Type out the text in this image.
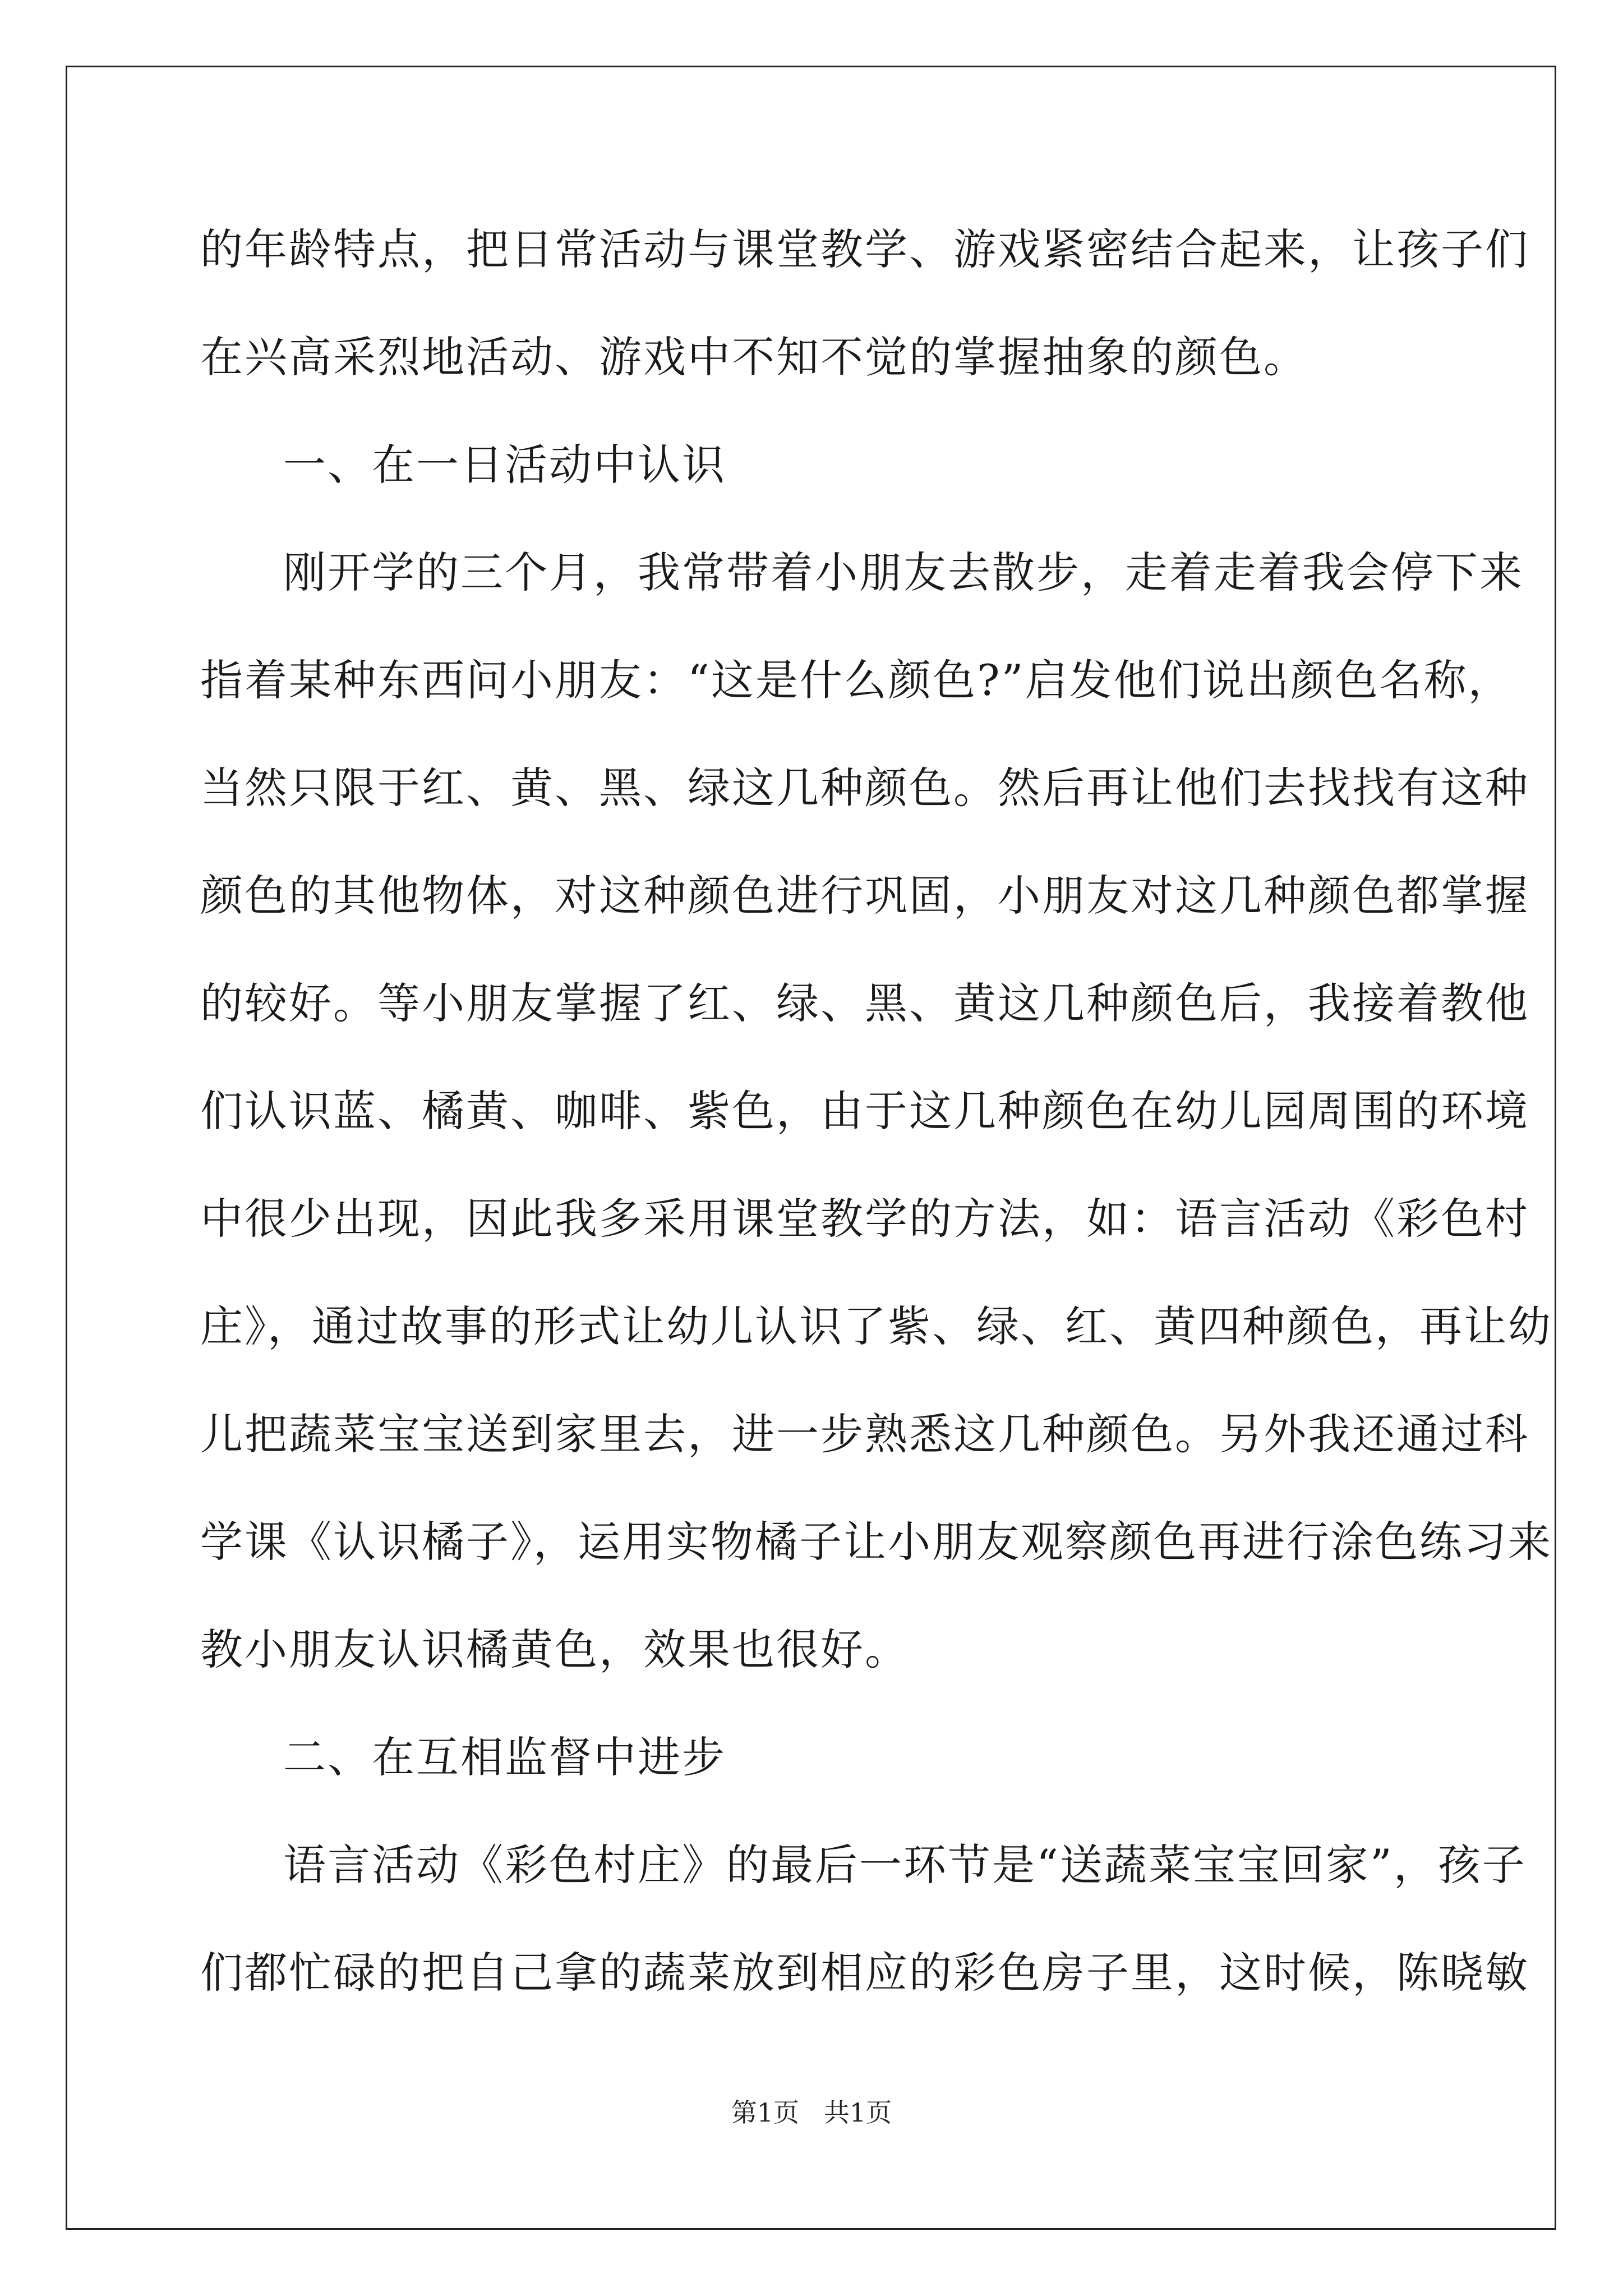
的年龄特点，把日常活动与课堂教学、游戏紧密结合起来，让孩子们
在兴高采烈地活动、游戏中不知不觉的掌握抽象的颜色。
一、在一日活动中认识
刚开学的三个月，我常带着小朋友去散步，走着走着我会停下来
指着某种东西问小朋友：“这是什么颜色?”启发他们说出颜色名称，
当然只限于红、黄、黑、绿这几种颜色。然后再让他们去找找有这种
颜色的其他物体，对这种颜色进行巩固，小朋友对这几种颜色都掌握
的较好。等小朋友掌握了红、绿、黑、黄这几种颜色后，我接着教他
们认识蓝、橘黄、咖啡、紫色，由于这几种颜色在幼儿园周围的环境
中很少出现，因此我多采用课堂教学的方法，如：语言活动《彩色村
庄》，通过故事的形式让幼儿认识了紫、绿、红、黄四种颜色，再让幼
儿把蔬菜宝宝送到家里去，进一步熟悉这几种颜色。另外我还通过科
学课《认识橘子》，运用实物橘子让小朋友观察颜色再进行涂色练习来
教小朋友认识橘黄色，效果也很好。
二、在互相监督中进步
语言活动《彩色村庄》的最后一环节是“送蔬菜宝宝回家”，孩子
们都忙碌的把自己拿的蔬菜放到相应的彩色房子里，这时候，陈晓敏
第1页   共1页
